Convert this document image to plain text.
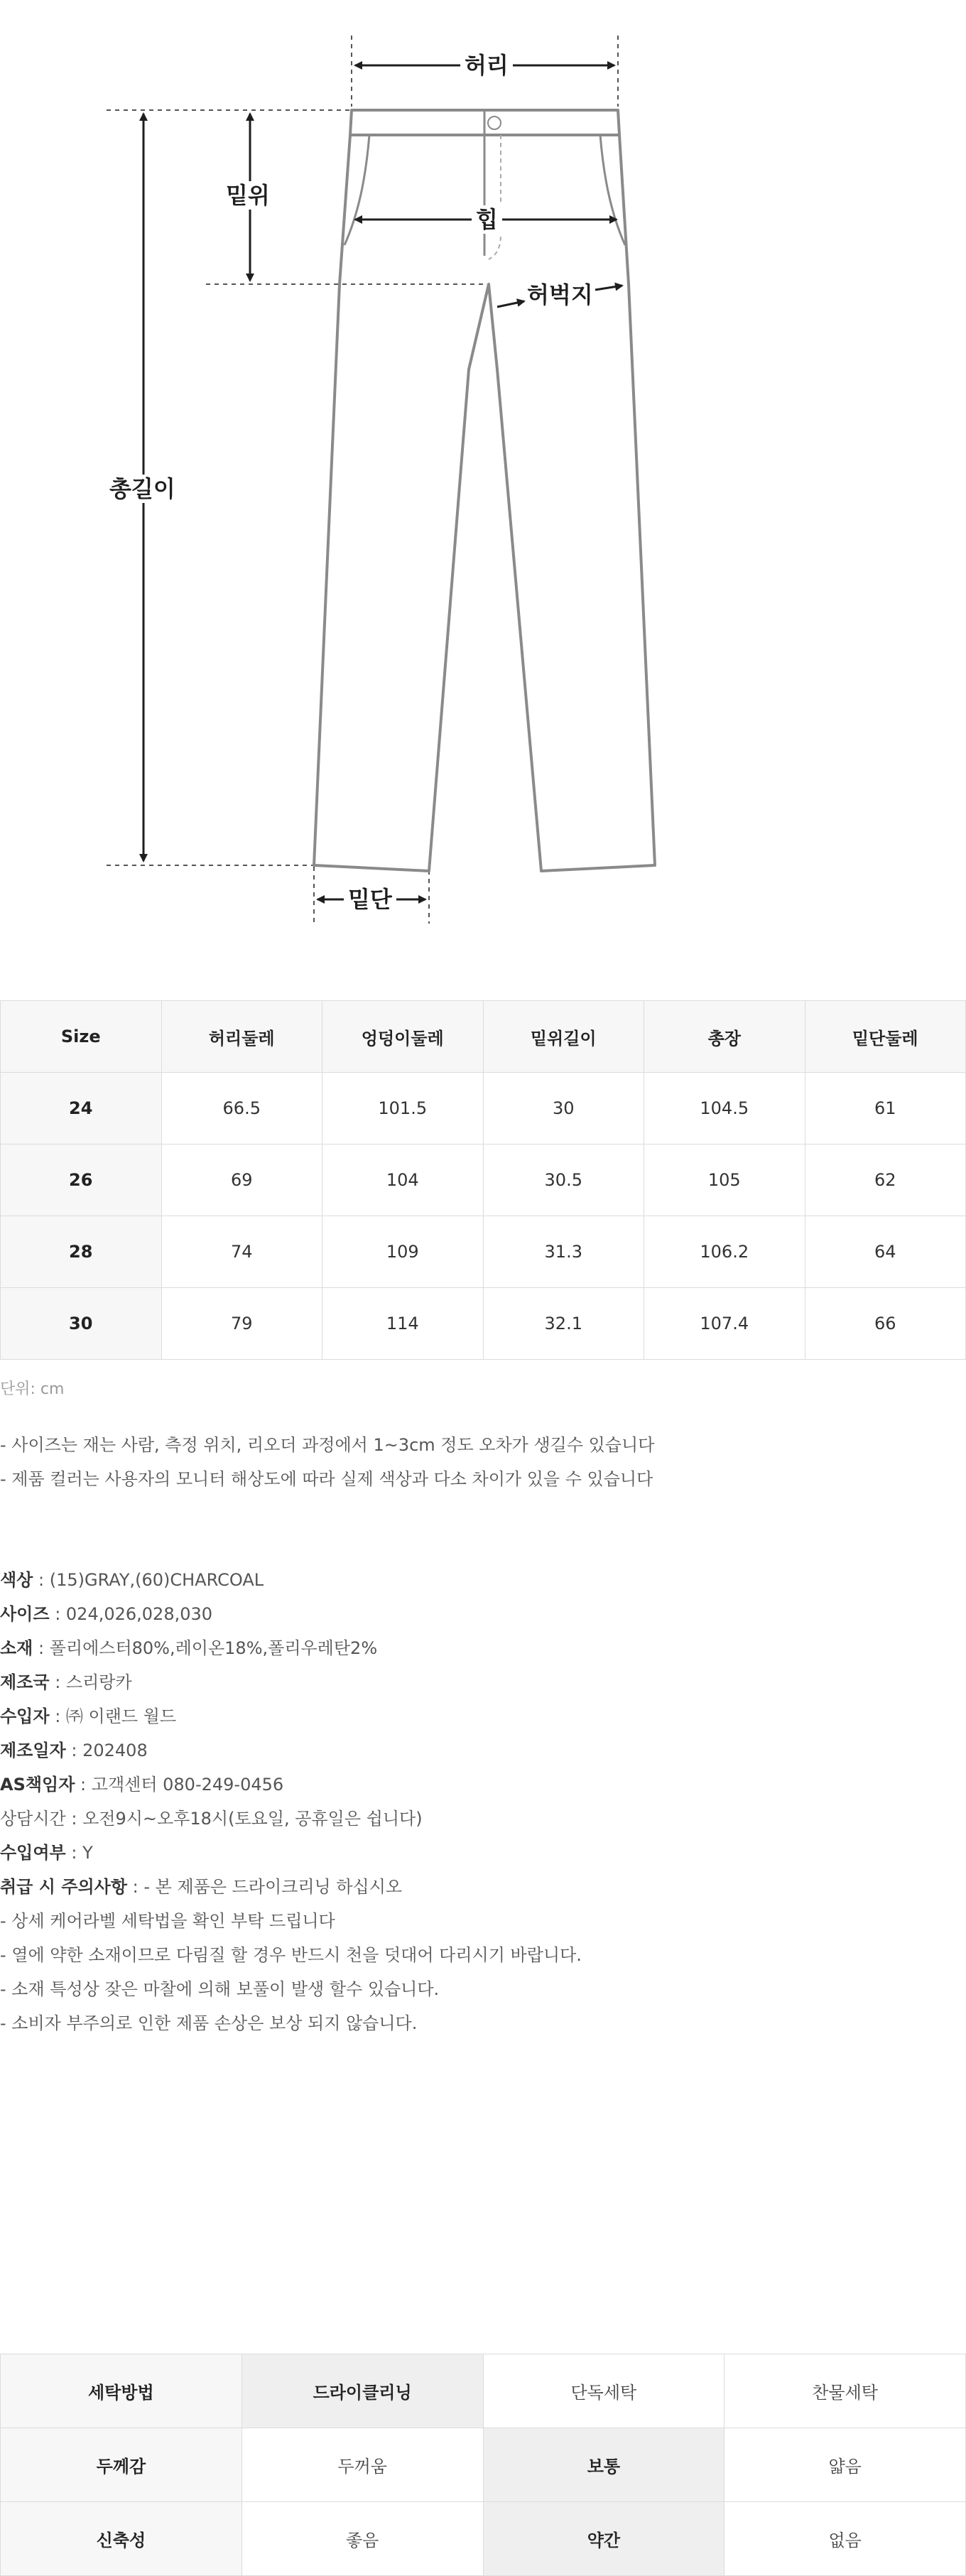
허리
밑위
힙
허벅지
총길이
밑단
Size	허리둘레	엉덩이둘레	밑위길이	총장	밑단둘레
24	66.5	101.5	30	104.5	61
26	69	104	30.5	105	62
28	74	109	31.3	106.2	64
30	79	114	32.1	107.4	66
단위: cm
- 사이즈는 재는 사람, 측정 위치, 리오더 과정에서 1~3cm 정도 오차가 생길수 있습니다
- 제품 컬러는 사용자의 모니터 해상도에 따라 실제 색상과 다소 차이가 있을 수 있습니다
색상 : (15)GRAY,(60)CHARCOAL
사이즈 : 024,026,028,030
소재 : 폴리에스터80%,레이온18%,폴리우레탄2%
제조국 : 스리랑카
수입자 : ㈜ 이랜드 월드
제조일자 : 202408
AS책임자 : 고객센터 080-249-0456
상담시간 : 오전9시~오후18시(토요일, 공휴일은 쉽니다)
수입여부 : Y
취급 시 주의사항 : - 본 제품은 드라이크리닝 하십시오
- 상세 케어라벨 세탁법을 확인 부탁 드립니다
- 열에 약한 소재이므로 다림질 할 경우 반드시 천을 덧대어 다리시기 바랍니다.
- 소재 특성상 잦은 마찰에 의해 보풀이 발생 할수 있습니다.
- 소비자 부주의로 인한 제품 손상은 보상 되지 않습니다.
세탁방법	드라이클리닝	단독세탁	찬물세탁
두께감	두꺼움	보통	얇음
신축성	좋음	약간	없음
